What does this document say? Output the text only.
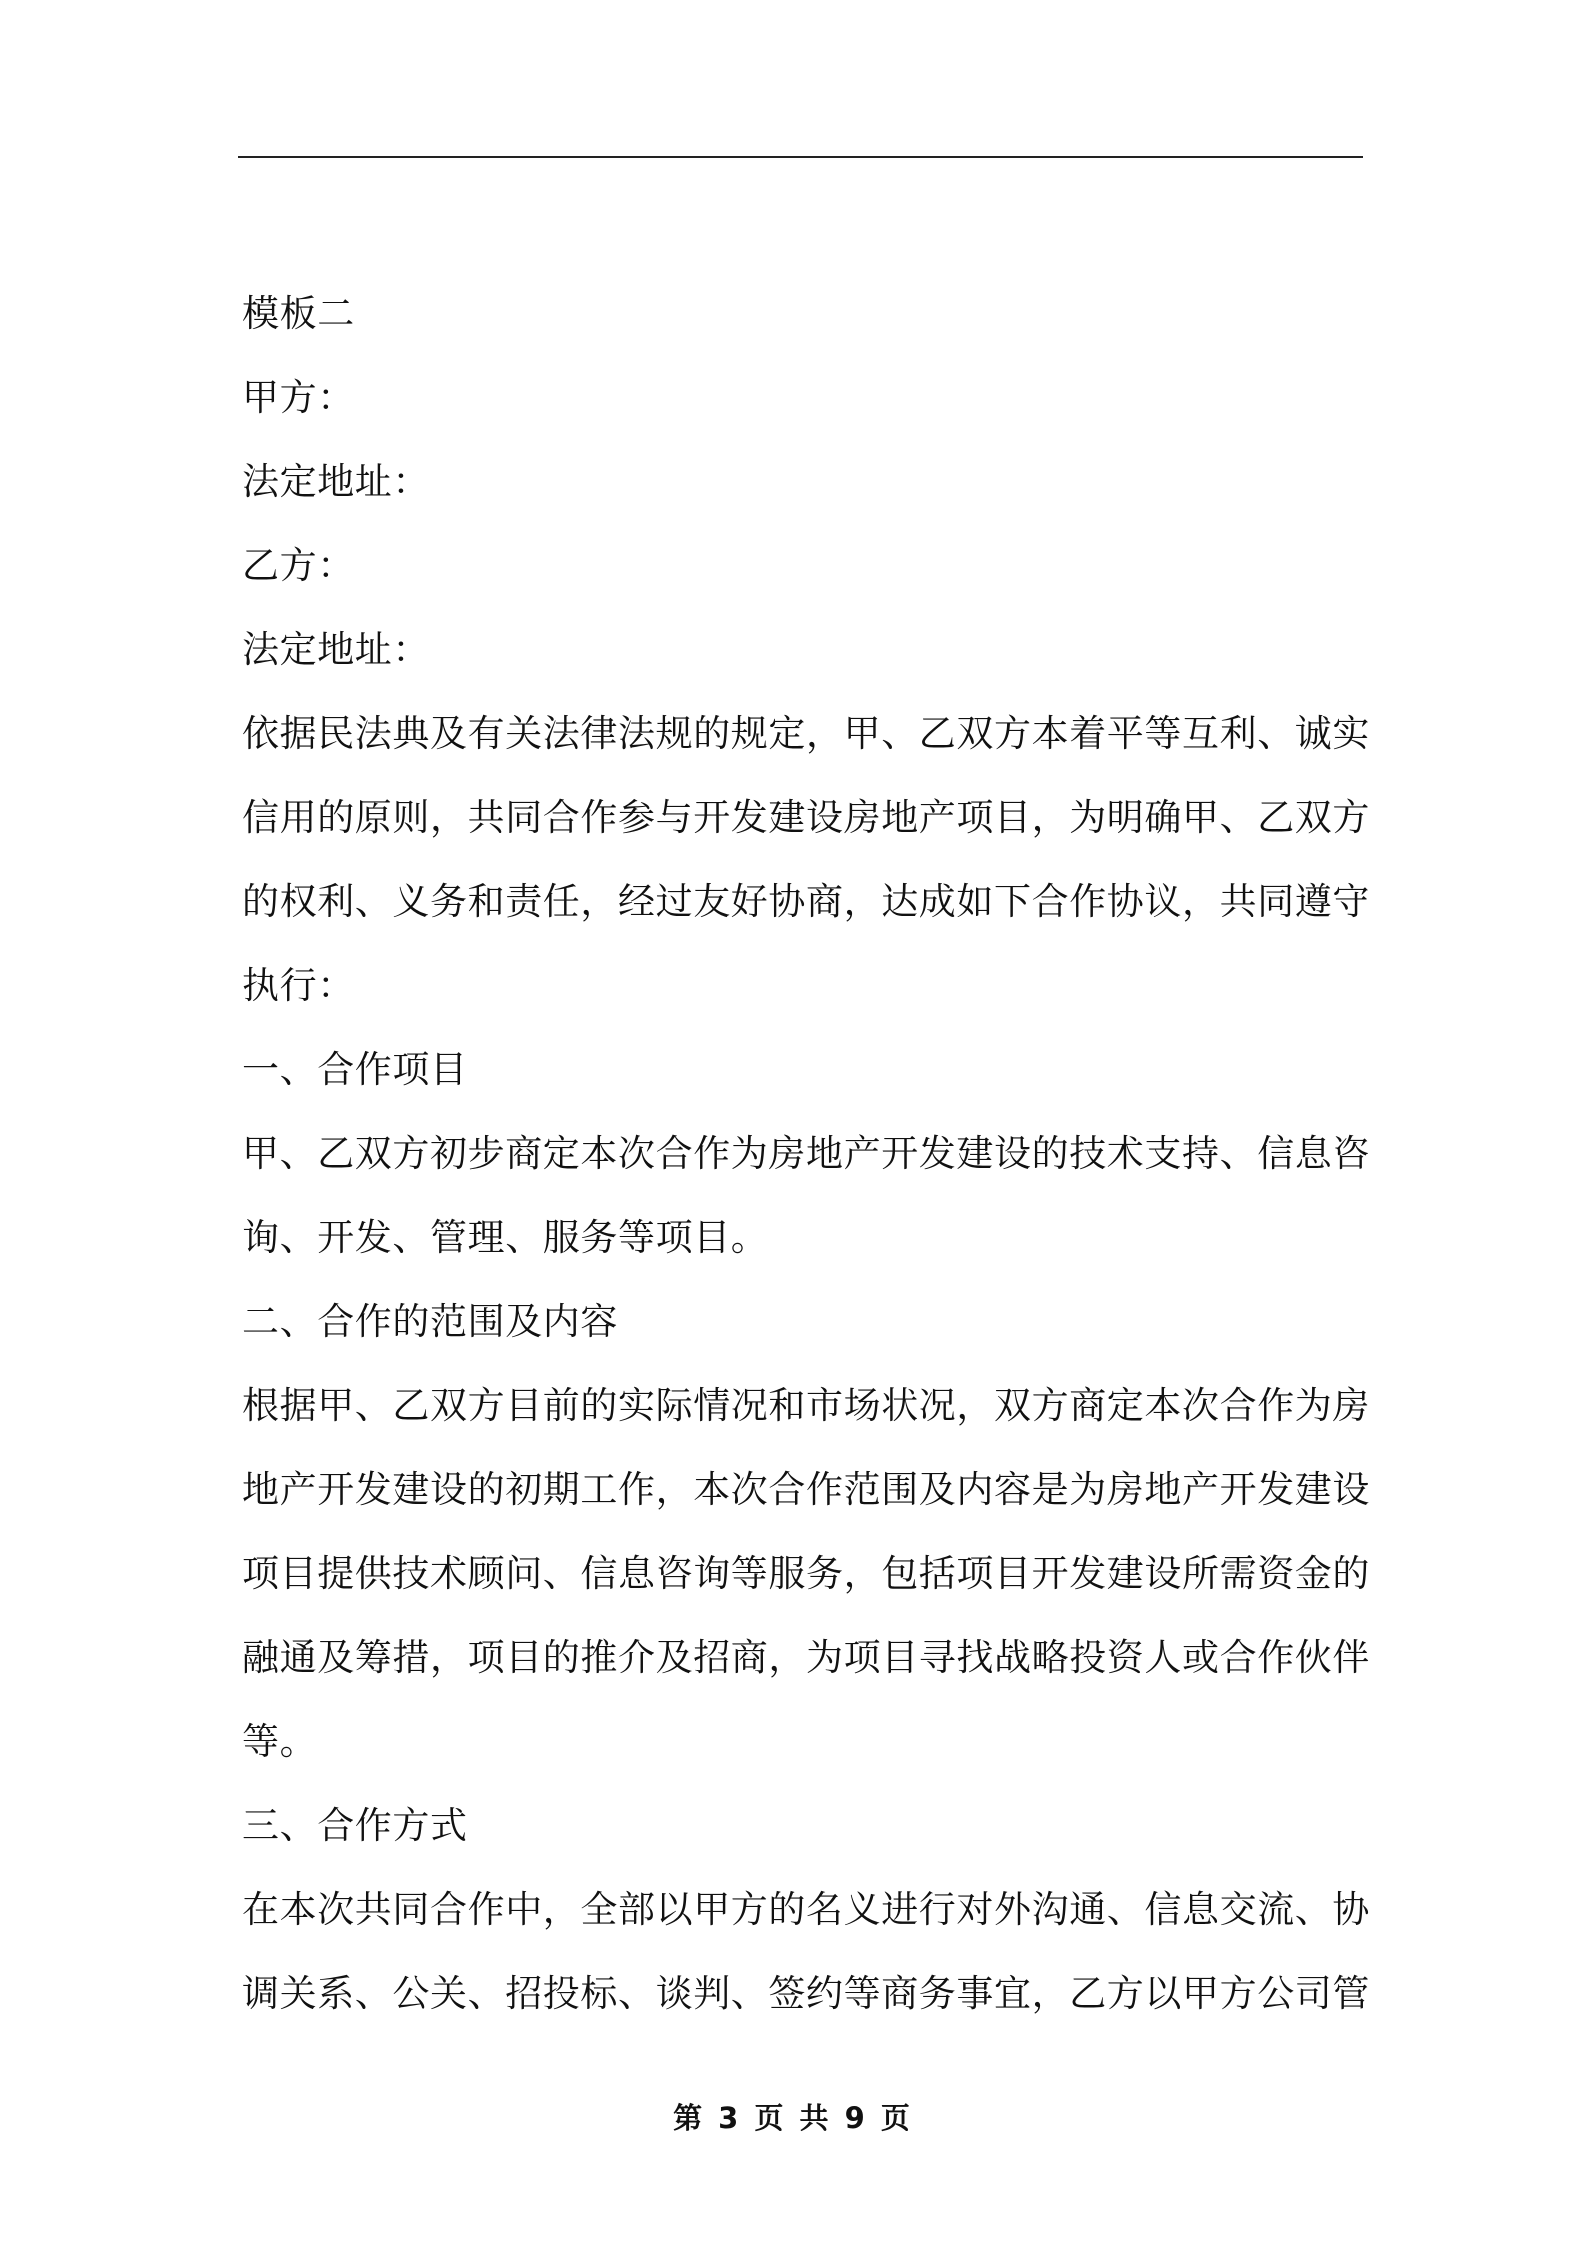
模板二
甲方：
法定地址：
乙方：
法定地址：
依据民法典及有关法律法规的规定，甲、乙双方本着平等互利、诚实
信用的原则，共同合作参与开发建设房地产项目，为明确甲、乙双方
的权利、义务和责任，经过友好协商，达成如下合作协议，共同遵守
执行：
一、合作项目
甲、乙双方初步商定本次合作为房地产开发建设的技术支持、信息咨
询、开发、管理、服务等项目。
二、合作的范围及内容
根据甲、乙双方目前的实际情况和市场状况，双方商定本次合作为房
地产开发建设的初期工作，本次合作范围及内容是为房地产开发建设
项目提供技术顾问、信息咨询等服务，包括项目开发建设所需资金的
融通及筹措，项目的推介及招商，为项目寻找战略投资人或合作伙伴
等。
三、合作方式
在本次共同合作中，全部以甲方的名义进行对外沟通、信息交流、协
调关系、公关、招投标、谈判、签约等商务事宜，乙方以甲方公司管
第 3 页 共 9 页
